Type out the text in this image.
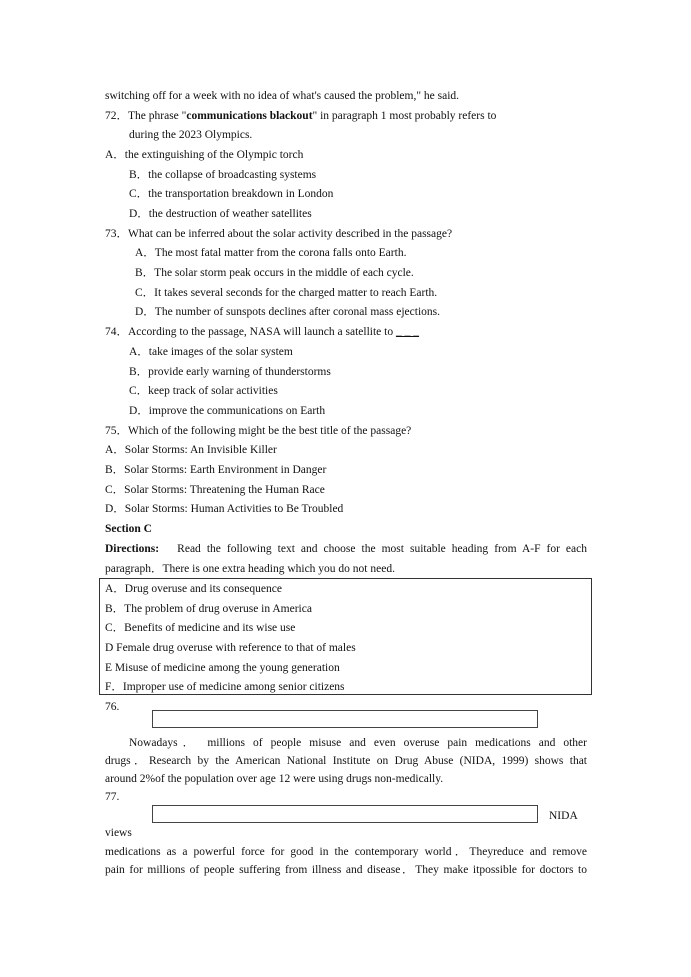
switching off for a week with no idea of what's caused the problem," he said.
72．The phrase "communications blackout" in paragraph 1 most probably refers to
during the 2023 Olympics.
A．the extinguishing of the Olympic torch
B．the collapse of broadcasting systems
C．the transportation breakdown in London
D．the destruction of weather satellites
73．What can be inferred about the solar activity described in the passage?
A．The most fatal matter from the corona falls onto Earth.
B．The solar storm peak occurs in the middle of each cycle.
C．It takes several seconds for the charged matter to reach Earth.
D．The number of sunspots declines after coronal mass ejections.
74．According to the passage, NASA will launch a satellite to _ _ _
A．take images of the solar system
B．provide early warning of thunderstorms
C．keep track of solar activities
D．improve the communications on Earth
75．Which of the following might be the best title of the passage?
A．Solar Storms: An Invisible Killer
B．Solar Storms: Earth Environment in Danger
C．Solar Storms: Threatening the Human Race
D．Solar Storms: Human Activities to Be Troubled
Section C
Directions: Read the following text and choose the most suitable heading from A-F for each
paragraph．There is one extra heading which you do not need.
A．Drug overuse and its consequence
B．The problem of drug overuse in America
C．Benefits of medicine and its wise use
D Female drug overuse with reference to that of males
E Misuse of medicine among the young generation
F．Improper use of medicine among senior citizens
76.
Nowadays． millions of people misuse and even overuse pain medications and other
drugs．Research by the American National Institute on Drug Abuse (NIDA, 1999) shows that
around 2%of the population over age 12 were using drugs non-medically.
77.
NIDA
views
medications as a powerful force for good in the contemporary world．Theyreduce and remove
pain for millions of people suffering from illness and disease．They make itpossible for doctors to
